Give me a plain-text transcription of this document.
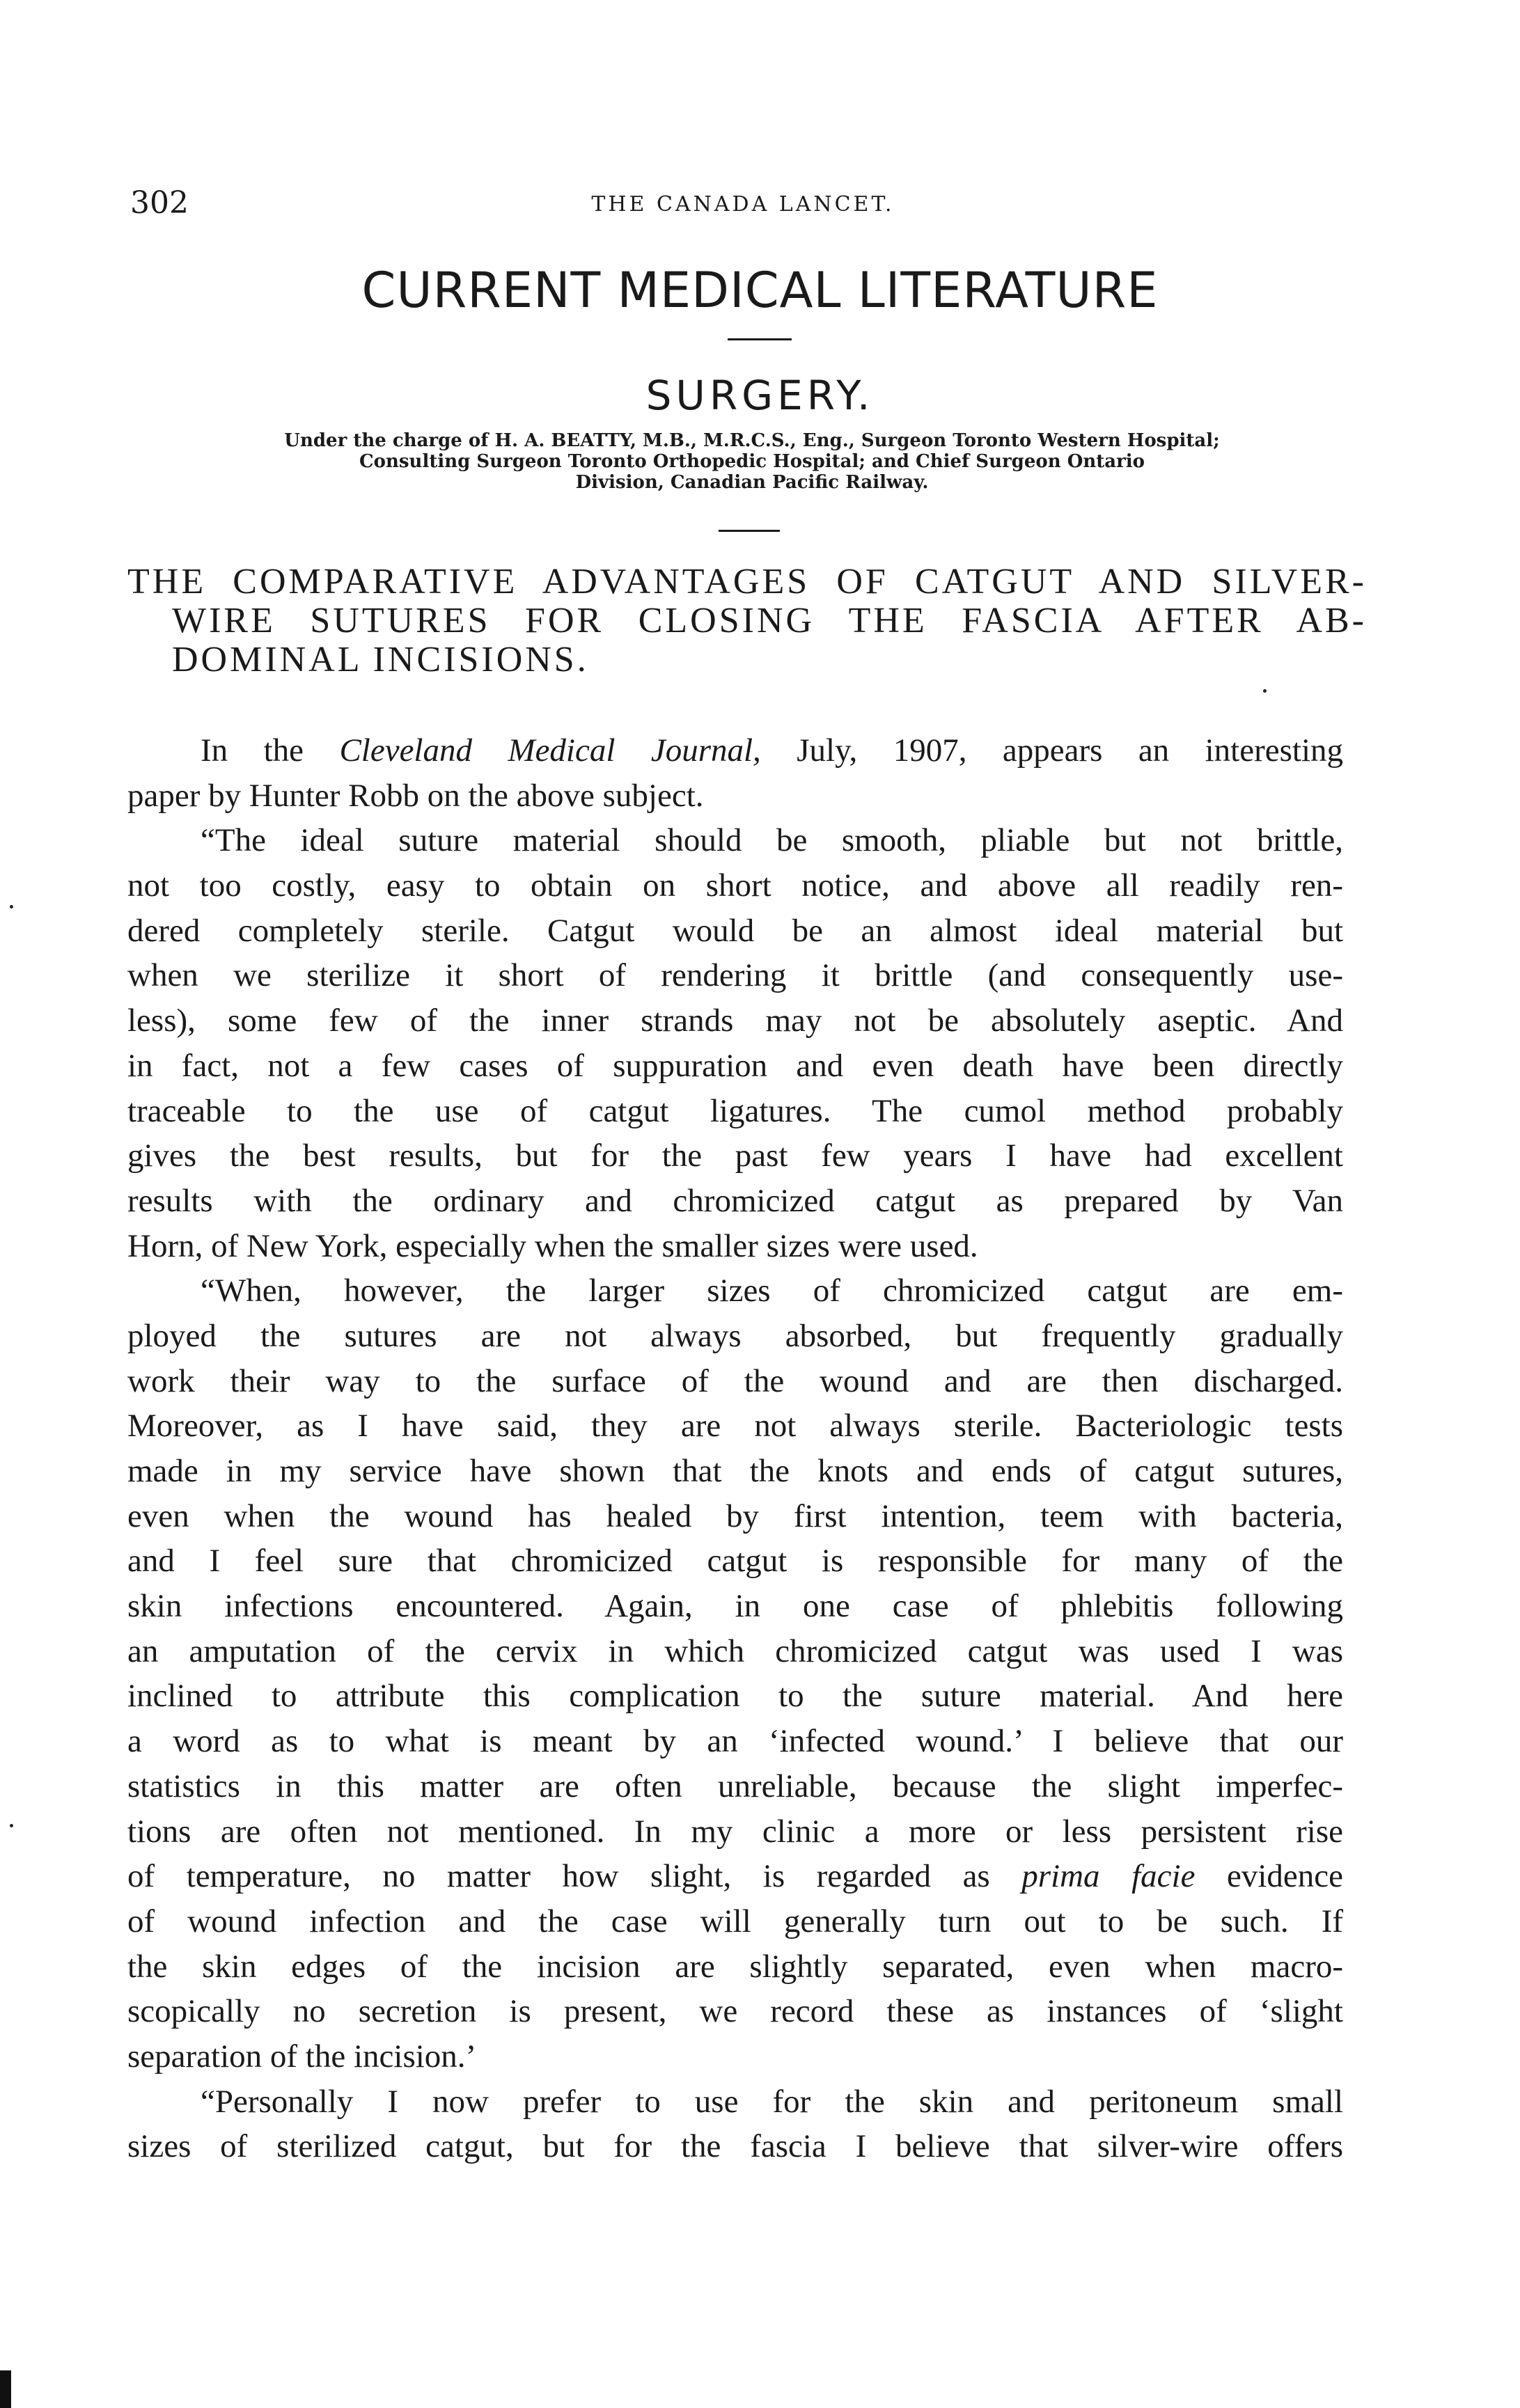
302	THE CANADA LANCET.
CURRENT MEDICAL LITERATURE
SURGERY.
Under the charge of H. A. BEATTY, M.B., M.R.C.S., Eng., Surgeon Toronto Western Hospital;
Consulting Surgeon Toronto Orthopedic Hospital; and Chief Surgeon Ontario
Division, Canadian Pacific Railway.
THE COMPARATIVE ADVANTAGES OF CATGUT AND SILVER-
WIRE SUTURES FOR CLOSING THE FASCIA AFTER AB-
DOMINAL INCISIONS.
In the Cleveland Medical Journal, July, 1907, appears an interesting
paper by Hunter Robb on the above subject.
“The ideal suture material should be smooth, pliable but not brittle,
not too costly, easy to obtain on short notice, and above all readily ren-
dered completely sterile. Catgut would be an almost ideal material but
when we sterilize it short of rendering it brittle (and consequently use-
less), some few of the inner strands may not be absolutely aseptic. And
in fact, not a few cases of suppuration and even death have been directly
traceable to the use of catgut ligatures. The cumol method probably
gives the best results, but for the past few years I have had excellent
results with the ordinary and chromicized catgut as prepared by Van
Horn, of New York, especially when the smaller sizes were used.
“When, however, the larger sizes of chromicized catgut are em-
ployed the sutures are not always absorbed, but frequently gradually
work their way to the surface of the wound and are then discharged.
Moreover, as I have said, they are not always sterile. Bacteriologic tests
made in my service have shown that the knots and ends of catgut sutures,
even when the wound has healed by first intention, teem with bacteria,
and I feel sure that chromicized catgut is responsible for many of the
skin infections encountered. Again, in one case of phlebitis following
an amputation of the cervix in which chromicized catgut was used I was
inclined to attribute this complication to the suture material. And here
a word as to what is meant by an ‘infected wound.’ I believe that our
statistics in this matter are often unreliable, because the slight imperfec-
tions are often not mentioned. In my clinic a more or less persistent rise
of temperature, no matter how slight, is regarded as prima facie evidence
of wound infection and the case will generally turn out to be such. If
the skin edges of the incision are slightly separated, even when macro-
scopically no secretion is present, we record these as instances of ‘slight
separation of the incision.’
“Personally I now prefer to use for the skin and peritoneum small
sizes of sterilized catgut, but for the fascia I believe that silver-wire offers
